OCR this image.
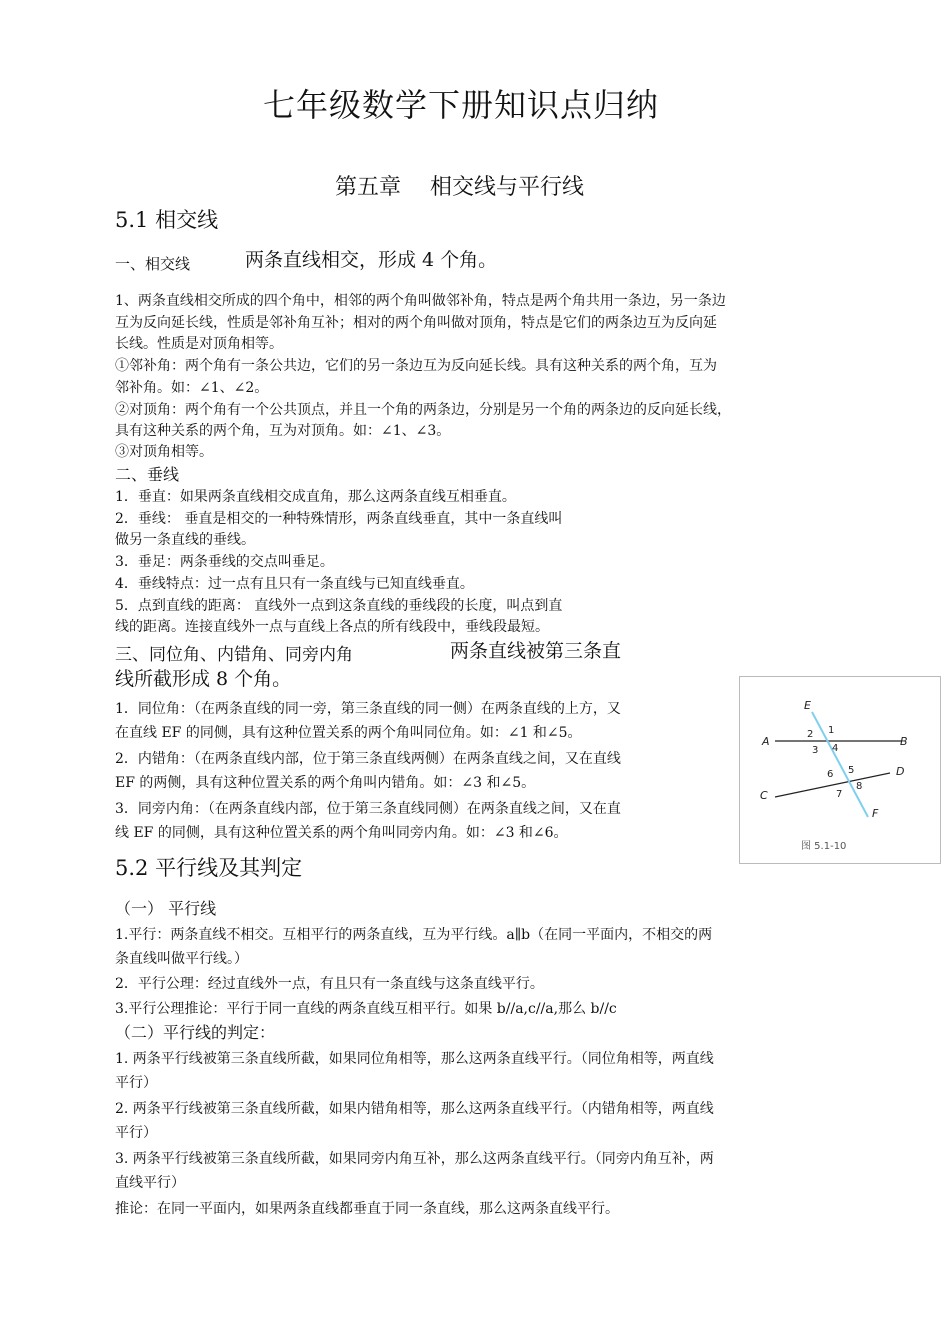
七年级数学下册知识点归纳
第五章　 相交线与平行线
5.1 相交线
一、相交线	两条直线相交，形成 4 个角。
1、两条直线相交所成的四个角中，相邻的两个角叫做邻补角，特点是两个角共用一条边，另一条边
互为反向延长线，性质是邻补角互补；相对的两个角叫做对顶角，特点是它们的两条边互为反向延
长线。性质是对顶角相等。
①邻补角：两个角有一条公共边，它们的另一条边互为反向延长线。具有这种关系的两个角，互为
邻补角。如：∠1、∠2。
②对顶角：两个角有一个公共顶点，并且一个角的两条边，分别是另一个角的两条边的反向延长线，
具有这种关系的两个角，互为对顶角。如：∠1、∠3。
③对顶角相等。
二、垂线
1．垂直：如果两条直线相交成直角，那么这两条直线互相垂直。
2．垂线： 垂直是相交的一种特殊情形，两条直线垂直，其中一条直线叫
做另一条直线的垂线。
3．垂足：两条垂线的交点叫垂足。
4．垂线特点：过一点有且只有一条直线与已知直线垂直。
5．点到直线的距离： 直线外一点到这条直线的垂线段的长度，叫点到直
线的距离。连接直线外一点与直线上各点的所有线段中，垂线段最短。
三、同位角、内错角、同旁内角	两条直线被第三条直
线所截形成 8 个角。
1．同位角：（在两条直线的同一旁，第三条直线的同一侧）在两条直线的上方，又
在直线 EF 的同侧，具有这种位置关系的两个角叫同位角。如：∠1 和∠5。
2．内错角：（在两条直线内部，位于第三条直线两侧）在两条直线之间，又在直线
EF 的两侧，具有这种位置关系的两个角叫内错角。如：∠3 和∠5。
3．同旁内角：（在两条直线内部，位于第三条直线同侧）在两条直线之间，又在直
线 EF 的同侧，具有这种位置关系的两个角叫同旁内角。如：∠3 和∠6。
E
A	B
C
D
F
1
2
3 4
5
6
7
8
图 5.1-10
5.2 平行线及其判定
（一） 平行线
1.平行：两条直线不相交。互相平行的两条直线，互为平行线。a∥b（在同一平面内，不相交的两
条直线叫做平行线。）
2．平行公理：经过直线外一点，有且只有一条直线与这条直线平行。
3.平行公理推论：平行于同一直线的两条直线互相平行。如果 b//a,c//a,那么 b//c
（二）平行线的判定：
1. 两条平行线被第三条直线所截，如果同位角相等，那么这两条直线平行。（同位角相等，两直线
平行）
2. 两条平行线被第三条直线所截，如果内错角相等，那么这两条直线平行。（内错角相等，两直线
平行）
3. 两条平行线被第三条直线所截，如果同旁内角互补，那么这两条直线平行。（同旁内角互补，两
直线平行）
推论：在同一平面内，如果两条直线都垂直于同一条直线，那么这两条直线平行。
